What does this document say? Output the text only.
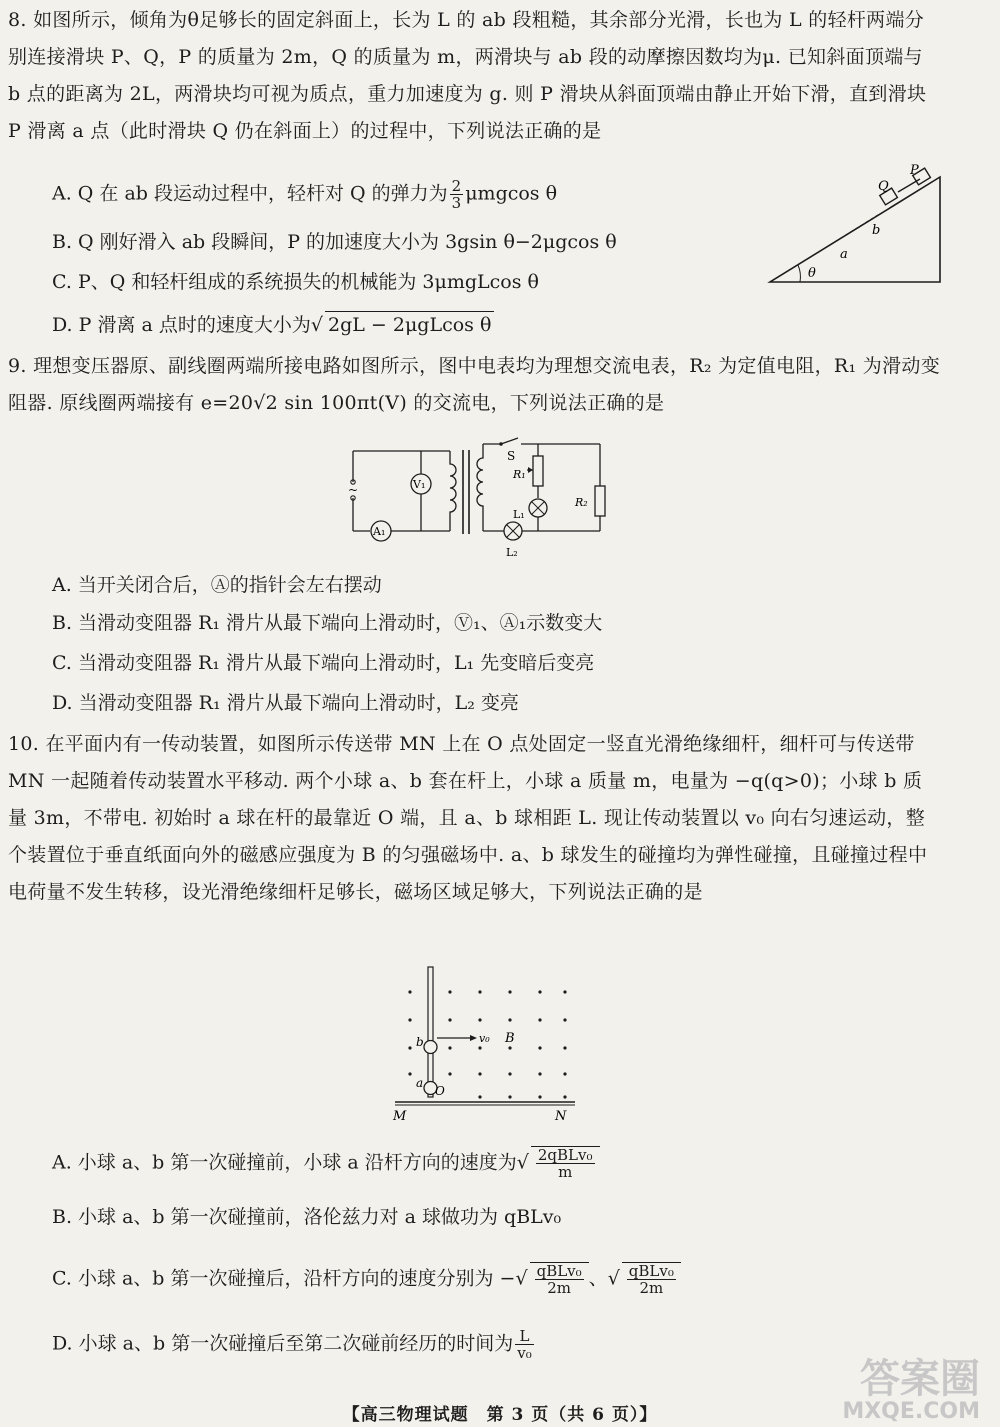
8. 如图所示，倾角为θ足够长的固定斜面上，长为 L 的 ab 段粗糙，其余部分光滑，长也为 L 的轻杆两端分别连接滑块 P、Q，P 的质量为 2m，Q 的质量为 m，两滑块与 ab 段的动摩擦因数均为μ. 已知斜面顶端与 b 点的距离为 2L，两滑块均可视为质点，重力加速度为 g. 则 P 滑块从斜面顶端由静止开始下滑，直到滑块 P 滑离 a 点（此时滑块 Q 仍在斜面上）的过程中，下列说法正确的是
A. Q 在 ab 段运动过程中，轻杆对 Q 的弹力为 $\frac{2}{3}$ μmgcos θ
B. Q 刚好滑入 ab 段瞬间，P 的加速度大小为 3gsin θ−2μgcos θ
C. P、Q 和轻杆组成的系统损失的机械能为 3μmgLcos θ
D. P 滑离 a 点时的速度大小为√ 2gL − 2μgLcos θ
θ
a
b
Q
P
9. 理想变压器原、副线圈两端所接电路如图所示，图中电表均为理想交流电表，R₂ 为定值电阻，R₁ 为滑动变阻器. 原线圈两端接有 e=20√2 sin 100πt(V) 的交流电，下列说法正确的是
~
A₁
V₁
S
R₁
L₁
R₂
L₂
A. 当开关闭合后，Ⓐ的指针会左右摆动
B. 当滑动变阻器 R₁ 滑片从最下端向上滑动时，Ⓥ₁、Ⓐ₁示数变大
C. 当滑动变阻器 R₁ 滑片从最下端向上滑动时，L₁ 先变暗后变亮
D. 当滑动变阻器 R₁ 滑片从最下端向上滑动时，L₂ 变亮
10. 在平面内有一传动装置，如图所示传送带 MN 上在 O 点处固定一竖直光滑绝缘细杆，细杆可与传送带 MN 一起随着传动装置水平移动. 两个小球 a、b 套在杆上，小球 a 质量 m，电量为 −q(q>0)；小球 b 质量 3m，不带电. 初始时 a 球在杆的最靠近 O 端，且 a、b 球相距 L. 现让传动装置以 v₀ 向右匀速运动，整个装置位于垂直纸面向外的磁感应强度为 B 的匀强磁场中. a、b 球发生的碰撞均为弹性碰撞，且碰撞过程中电荷量不发生转移，设光滑绝缘细杆足够长，磁场区域足够大，下列说法正确的是
b
a
O
v₀ B
M	N
A. 小球 a、b 第一次碰撞前，小球 a 沿杆方向的速度为√ $\frac{\text{2qBLv₀}}{m}$
B. 小球 a、b 第一次碰撞前，洛伦兹力对 a 球做功为 qBLv₀
C. 小球 a、b 第一次碰撞后，沿杆方向的速度分别为 −√ $\frac{\text{qBLv₀}}{2m}$ 、√ $\frac{\text{qBLv₀}}{2m}$
D. 小球 a、b 第一次碰撞后至第二次碰前经历的时间为 $\frac{L}{\text{v₀}}$
【高三物理试题　第 3 页（共 6 页）】
答案圈
MXQE.COM
